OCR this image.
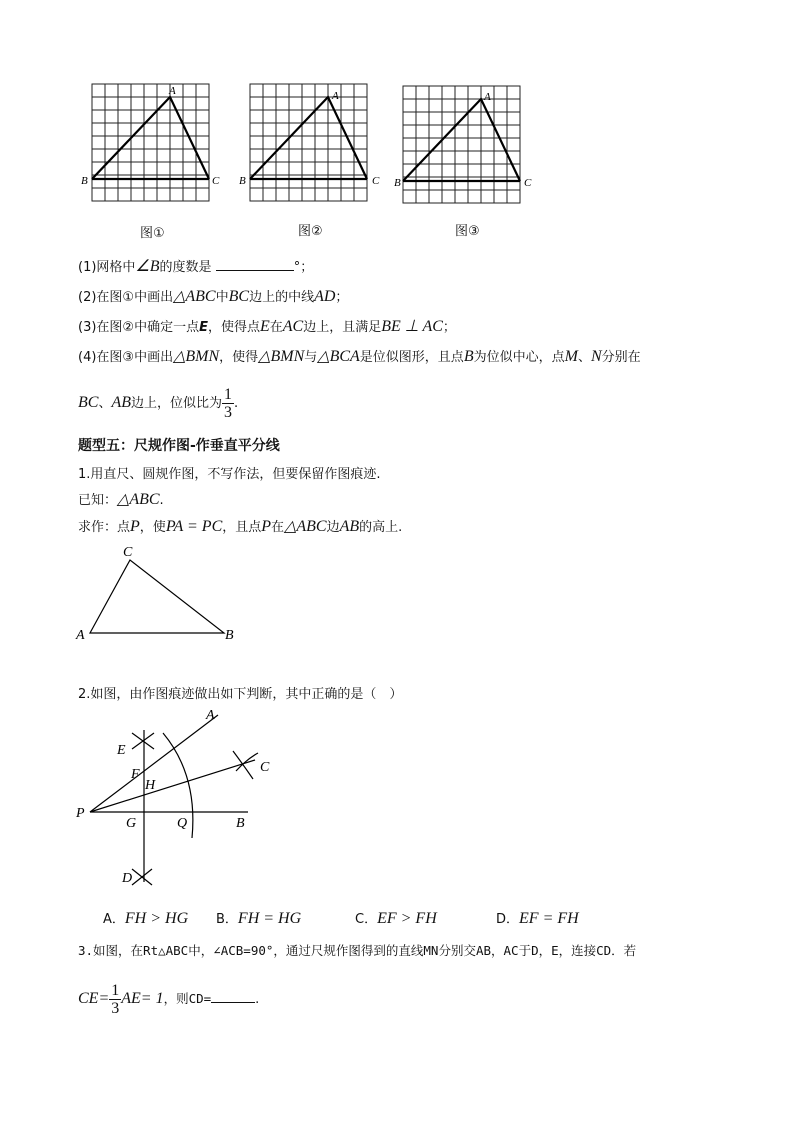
A
B	C
图①
A
B	C
图②
A
B	C
图③
(1)网格中∠B的度数是	°；
(2)在图①中画出△ABC中BC边上的中线AD；
(3)在图②中确定一点E，使得点E在AC边上，且满足BE ⊥ AC；
(4)在图③中画出△BMN，使得△BMN与△BCA是位似图形，且点B为位似中心，点M、N分别在
BC、AB边上，位似比为 $\frac{1}{3}$ .
题型五：尺规作图-作垂直平分线
1.用直尺、圆规作图，不写作法，但要保留作图痕迹.
已知：△ABC.
求作：点P，使PA = PC，且点P在△ABC边AB的高上.
C
A	B
2.如图，由作图痕迹做出如下判断，其中正确的是（　）
A
E
F
H
C
P
G	Q	B
D
A．FH > HG B．FH = HG	C．EF > FH	D．EF = FH
3.如图，在Rt△ABC中，∠ACB=90°，通过尺规作图得到的直线MN分别交AB，AC于D，E，连接CD．若
$CE= \frac{1}{3} AE= 1$，则CD=	.
